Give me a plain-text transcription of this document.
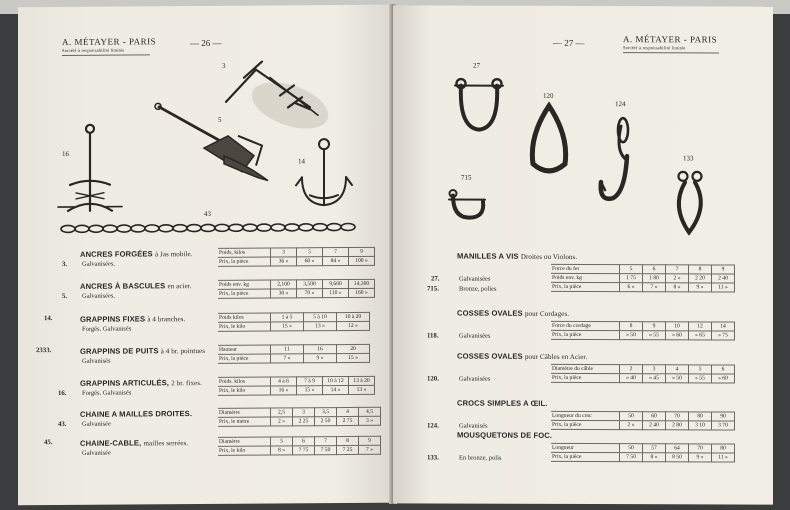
A. MÉTAYER - PARIS
Société à responsabilité limitée
— 26 —
3
5
16
14
43
3.
ANCRES FORGÉES à Jas mobile.
Galvanisées.
Poids, kilos	3	5	7	9
Prix, la pièce	36 »	60 »	84 »	100 »
5.
ANCRES À BASCULES en acier.
Galvanisées.
Poids env. kg	2,100	3,500	9,600	14,300
Prix, la pièce	30 »	70 »	110 »	160 »
14.	GRAPPINS FIXES à 4 branches.
Forgés. Galvanisés
Poids kilos	1 à 5	5 à 10	10 à 20
Prix, le kilo	15 »	13 »	12 »
2333.	GRAPPINS DE PUITS à 4 br. pointues
Galvanisés
Hauteur	11	16	20
Prix, la pièce	7 »	9 »	15 »
16.
GRAPPINS ARTICULÉS, 2 br. fixes.
Forgés. Galvanisés
Poids. kilos	4 à 6	7 à 9	10 à 12	13 à 20
Prix, le kilo	16 »	15 »	14 »	13 »
43.
CHAINE A MAILLES DROITES.
Galvanisée
Diamètre	2,5	3	3,5	4	4,5
Prix, le mètre	2 »	2 25	2 50	2 75	3 »
45.	CHAINE-CABLE, mailles serrées.
Galvanisée
Diamètre	5	6	7	8	9
Prix, le kilo	8 »	7 75	7 50	7 25	7 »
— 27 —	A. MÉTAYER - PARIS
Société à responsabilité limitée
27
120
124
133
715
MANILLES A VIS Droites ou Violons.
27.
715.
Galvanisées
Bronze, polies
Force du fer	5	6	7	8	9
Poids env. kg	1 75	1 80	2 »	2 20	2 40
Prix, la pièce	6 »	7 »	8 »	9 »	11 »
COSSES OVALES pour Cordages.
118.	Galvanisées
Force du cordage	8	9	10	12	14
Prix, la pièce	» 50	» 55	» 60	» 65	» 75
COSSES OVALES pour Câbles en Acier.
120.	Galvanisées
Diamètre du câble	2	3	4	5	6
Prix, la pièce	» 40	» 45	» 50	» 55	» 60
CROCS SIMPLES A ŒIL.
124.	Galvanisés
Longueur du croc	50	60	70	80	90
Prix, la pièce	2 »	2 40	2 80	3 10	3 70
MOUSQUETONS DE FOC.
133.	En bronze, polis
Longueur	50	57	64	70	80
Prix, la pièce	7 50	8 »	8 50	9 »	11 »
